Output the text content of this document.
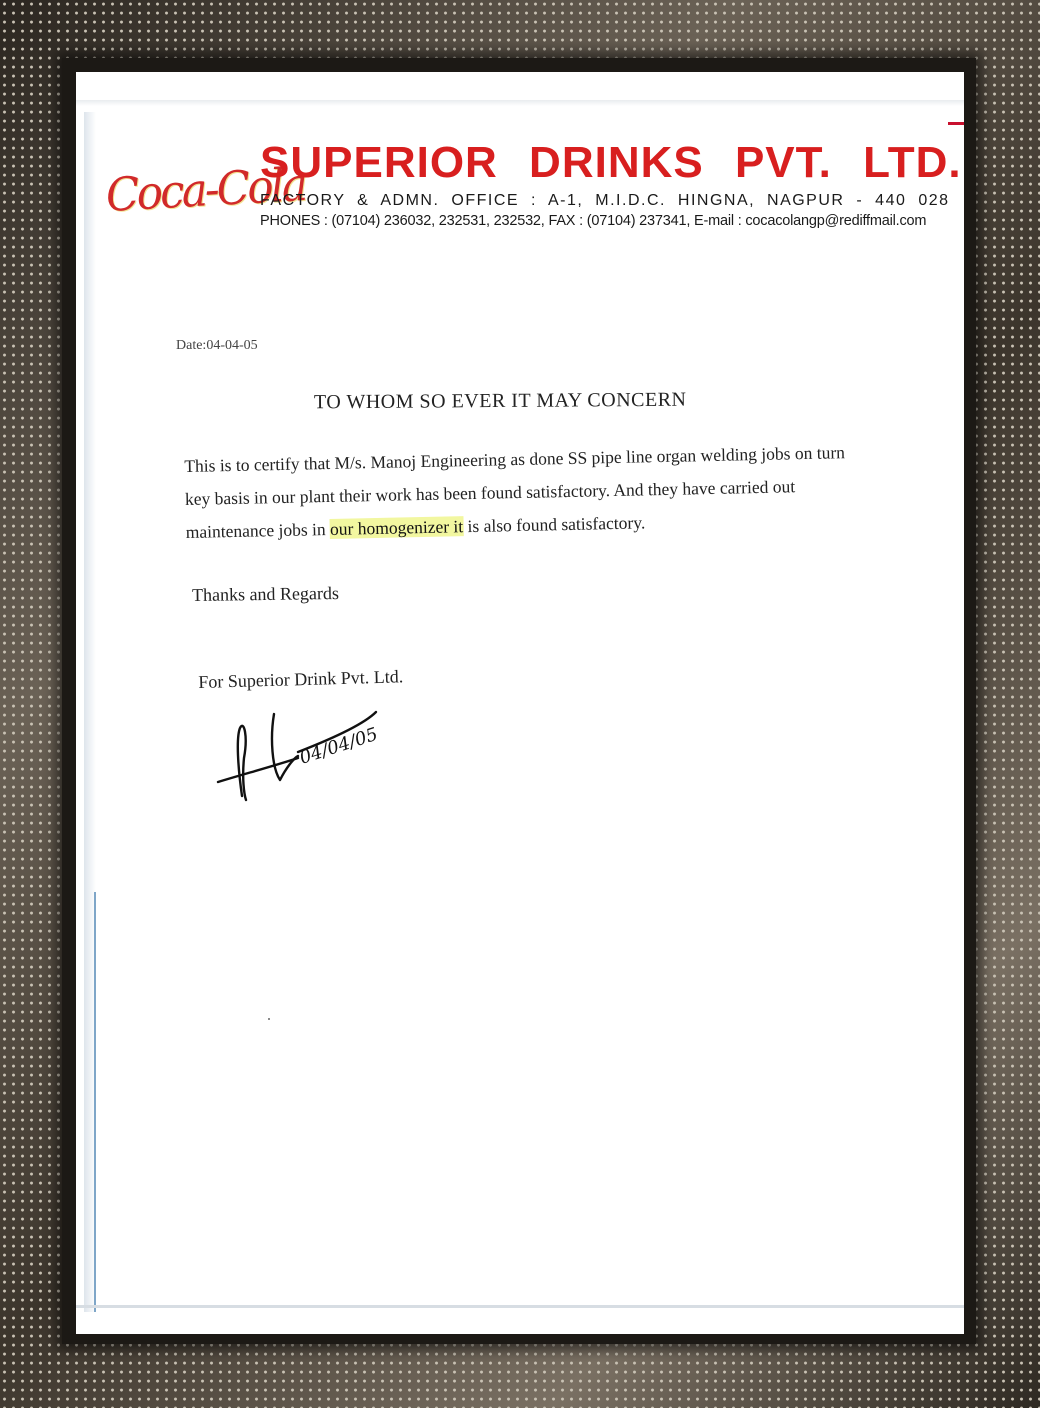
Coca-Cola
SUPERIOR DRINKS PVT. LTD.
FACTORY & ADMN. OFFICE : A-1, M.I.D.C. HINGNA, NAGPUR - 440 028
PHONES : (07104) 236032, 232531, 232532, FAX : (07104) 237341, E-mail : cocacolangp@rediffmail.com
Date:04-04-05
TO WHOM SO EVER IT MAY CONCERN
This is to certify that M/s. Manoj Engineering as done SS pipe line organ welding jobs on turn key basis in our plant their work has been found satisfactory. And they have carried out maintenance jobs in our homogenizer it is also found satisfactory.
Thanks and Regards
For Superior Drink Pvt. Ltd.
04/04/05
